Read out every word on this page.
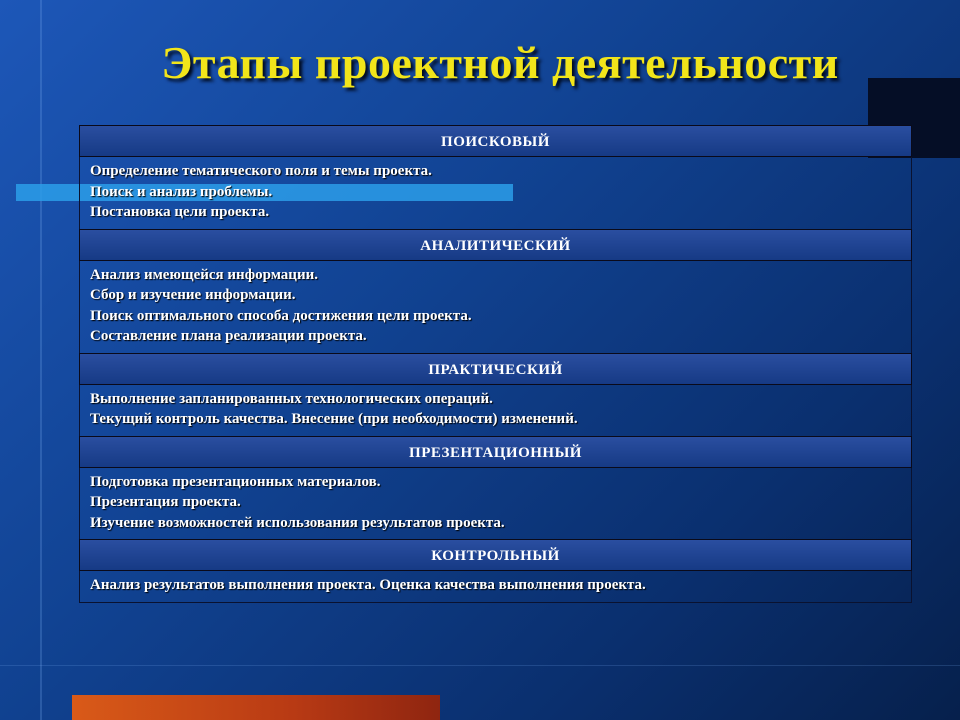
Этапы проектной деятельности
ПОИСКОВЫЙ
Определение тематического поля и темы проекта.
Поиск и анализ проблемы.
Постановка цели проекта.
АНАЛИТИЧЕСКИЙ
Анализ имеющейся информации.
Сбор и изучение информации.
Поиск оптимального способа достижения цели проекта.
Составление плана реализации проекта.
ПРАКТИЧЕСКИЙ
Выполнение запланированных технологических операций.
Текущий контроль качества. Внесение (при необходимости) изменений.
ПРЕЗЕНТАЦИОННЫЙ
Подготовка презентационных материалов.
Презентация проекта.
Изучение возможностей использования результатов проекта.
КОНТРОЛЬНЫЙ
Анализ результатов выполнения проекта. Оценка качества выполнения проекта.
